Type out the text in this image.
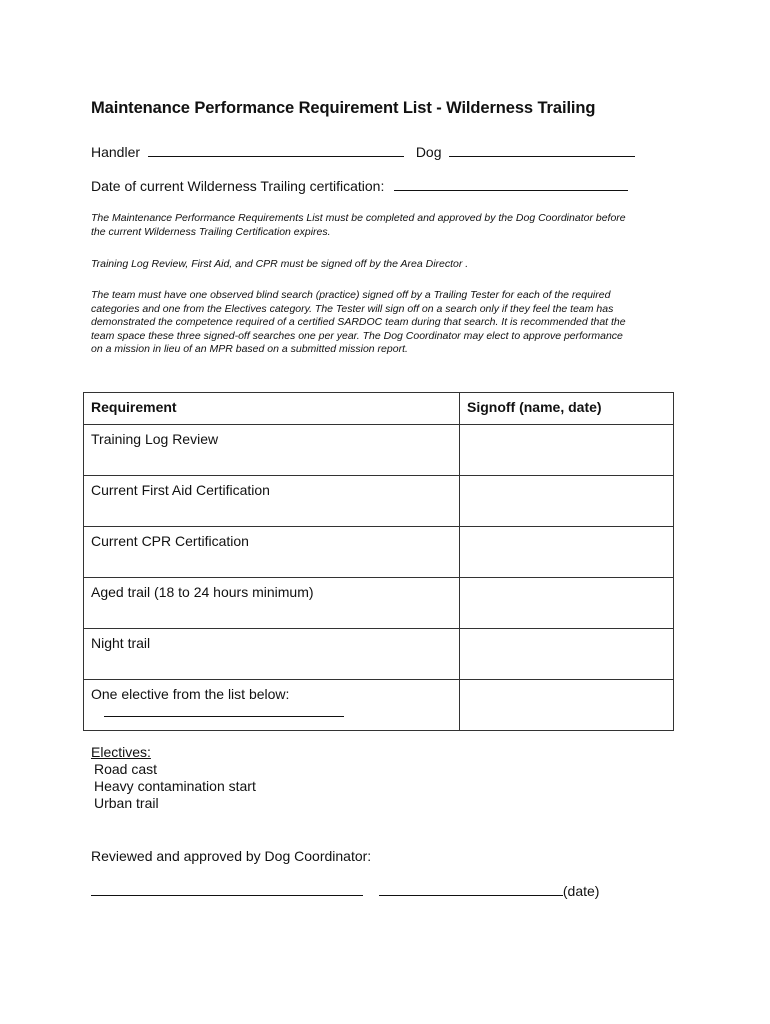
Maintenance Performance Requirement List - Wilderness Trailing
Handler	Dog
Date of current Wilderness Trailing certification:
The Maintenance Performance Requirements List must be completed and approved by the Dog Coordinator before
the current Wilderness Trailing Certification expires.
Training Log Review, First Aid, and CPR must be signed off by the Area Director .
The team must have one observed blind search (practice) signed off by a Trailing Tester for each of the required
categories and one from the Electives category. The Tester will sign off on a search only if they feel the team has
demonstrated the competence required of a certified SARDOC team during that search. It is recommended that the
team space these three signed-off searches one per year. The Dog Coordinator may elect to approve performance
on a mission in lieu of an MPR based on a submitted mission report.
Requirement	Signoff (name, date)
Training Log Review	
Current First Aid Certification	
Current CPR Certification	
Aged trail (18 to 24 hours minimum)	
Night trail	
One elective from the list below:

Electives:
Road cast
Heavy contamination start
Urban trail
Reviewed and approved by Dog Coordinator:
(date)
